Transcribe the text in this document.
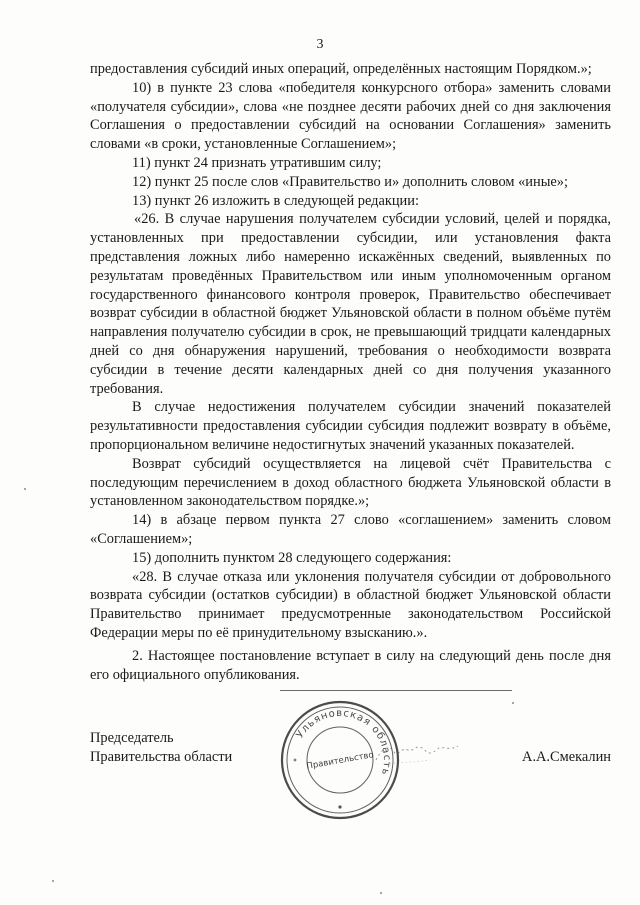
3

предоставления субсидий иных операций, определённых настоящим Порядком.»;

10) в пункте 23 слова «победителя конкурсного отбора» заменить словами «получателя субсидии», слова «не позднее десяти рабочих дней со дня заключения Соглашения о предоставлении субсидий на основании Соглашения» заменить словами «в сроки, установленные Соглашением»;

11) пункт 24 признать утратившим силу;

12) пункт 25 после слов «Правительство и» дополнить словом «иные»;

13) пункт 26 изложить в следующей редакции:

«26. В случае нарушения получателем субсидии условий, целей и порядка, установленных при предоставлении субсидии, или установления факта представления ложных либо намеренно искажённых сведений, выявленных по результатам проведённых Правительством или иным уполномоченным органом государственного финансового контроля проверок, Правительство обеспечивает возврат субсидии в областной бюджет Ульяновской области в полном объёме путём направления получателю субсидии в срок, не превышающий тридцати календарных дней со дня обнаружения нарушений, требования о необходимости возврата субсидии в течение десяти календарных дней со дня получения указанного требования.

В случае недостижения получателем субсидии значений показателей результативности предоставления субсидии субсидия подлежит возврату в объёме, пропорциональном величине недостигнутых значений указанных показателей.

Возврат субсидий осуществляется на лицевой счёт Правительства с последующим перечислением в доход областного бюджета Ульяновской области в установленном законодательством порядке.»;

14) в абзаце первом пункта 27 слово «соглашением» заменить словом «Соглашением»;

15) дополнить пунктом 28 следующего содержания:

«28. В случае отказа или уклонения получателя субсидии от добровольного возврата субсидии (остатков субсидии) в областной бюджет Ульяновской области Правительство принимает предусмотренные законодательством Российской Федерации меры по её принудительному взысканию.».

2. Настоящее постановление вступает в силу на следующий день после дня его официального опубликования.

Председатель
Правительства области
Ульяновская область
Правительство	А.А.Смекалин
